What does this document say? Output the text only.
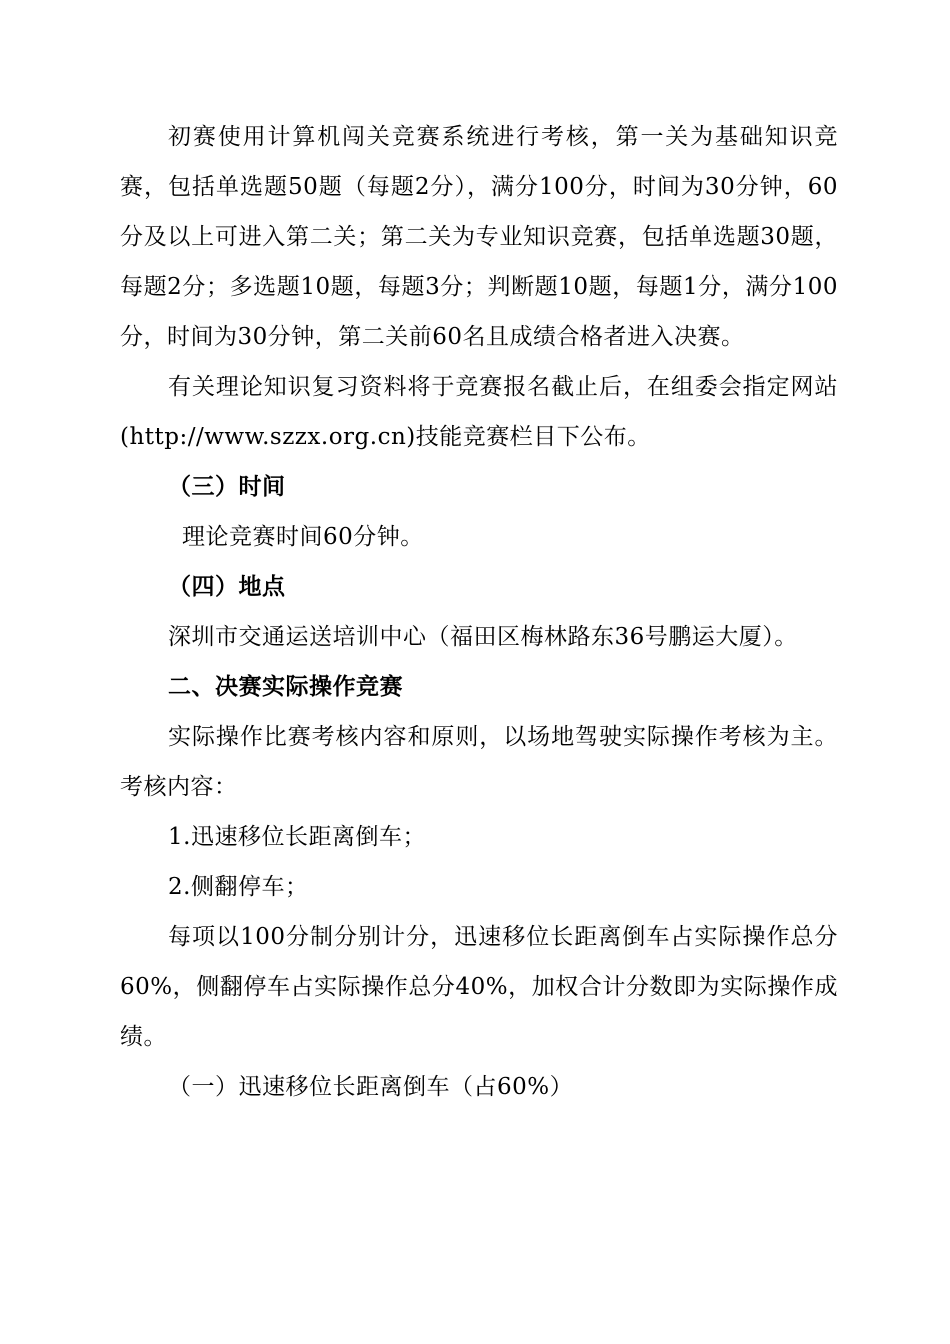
初赛使用计算机闯关竞赛系统进行考核，第一关为基础知识竞赛，包括单选题50题（每题2分），满分100分，时间为30分钟，60分及以上可进入第二关；第二关为专业知识竞赛，包括单选题30题，每题2分；多选题10题，每题3分；判断题10题，每题1分，满分100分，时间为30分钟，第二关前60名且成绩合格者进入决赛。

有关理论知识复习资料将于竞赛报名截止后，在组委会指定网站(http://www.szzx.org.cn)技能竞赛栏目下公布。

（三）时间

理论竞赛时间60分钟。

（四）地点

深圳市交通运送培训中心（福田区梅林路东36号鹏运大厦）。

二、决赛实际操作竞赛

实际操作比赛考核内容和原则，以场地驾驶实际操作考核为主。考核内容：

1.迅速移位长距离倒车；

2.侧翻停车；

每项以100分制分别计分，迅速移位长距离倒车占实际操作总分60%，侧翻停车占实际操作总分40%，加权合计分数即为实际操作成绩。

（一）迅速移位长距离倒车（占60%）
